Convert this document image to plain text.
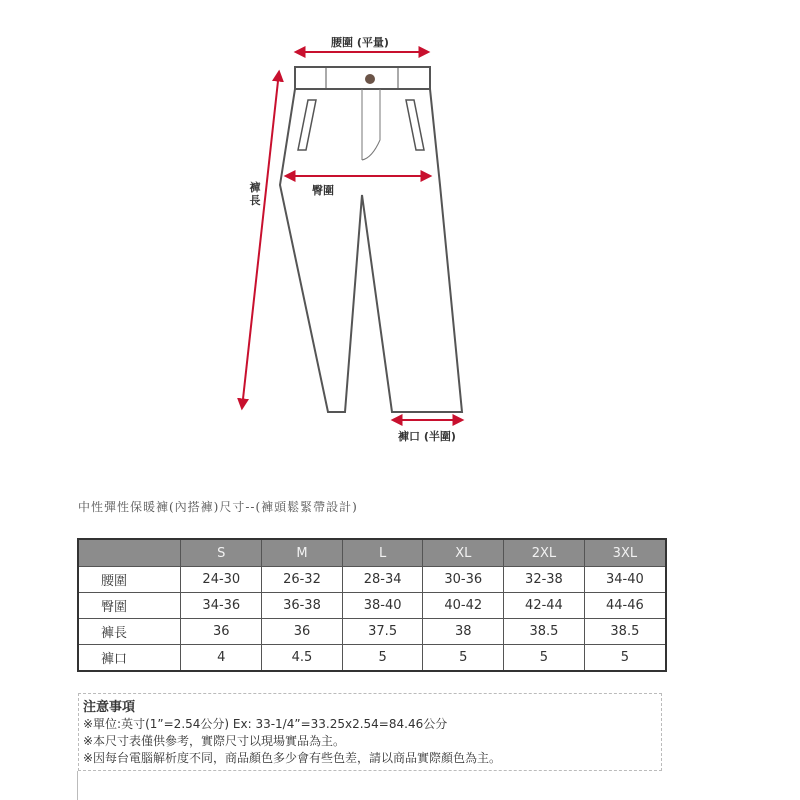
腰圍 (平量)
臀圍
褲長
褲口 (半圍)
中性彈性保暖褲(內搭褲)尺寸--(褲頭鬆緊帶設計)
	S	M	L	XL	2XL	3XL
腰圍	24-30	26-32	28-34	30-36	32-38	34-40
臀圍	34-36	36-38	38-40	40-42	42-44	44-46
褲長	36	36	37.5	38	38.5	38.5
褲口	4	4.5	5	5	5	5
注意事項
※單位:英寸(1”=2.54公分) Ex: 33-1/4”=33.25x2.54=84.46公分
※本尺寸表僅供參考，實際尺寸以現場實品為主。
※因每台電腦解析度不同，商品顏色多少會有些色差，請以商品實際顏色為主。
